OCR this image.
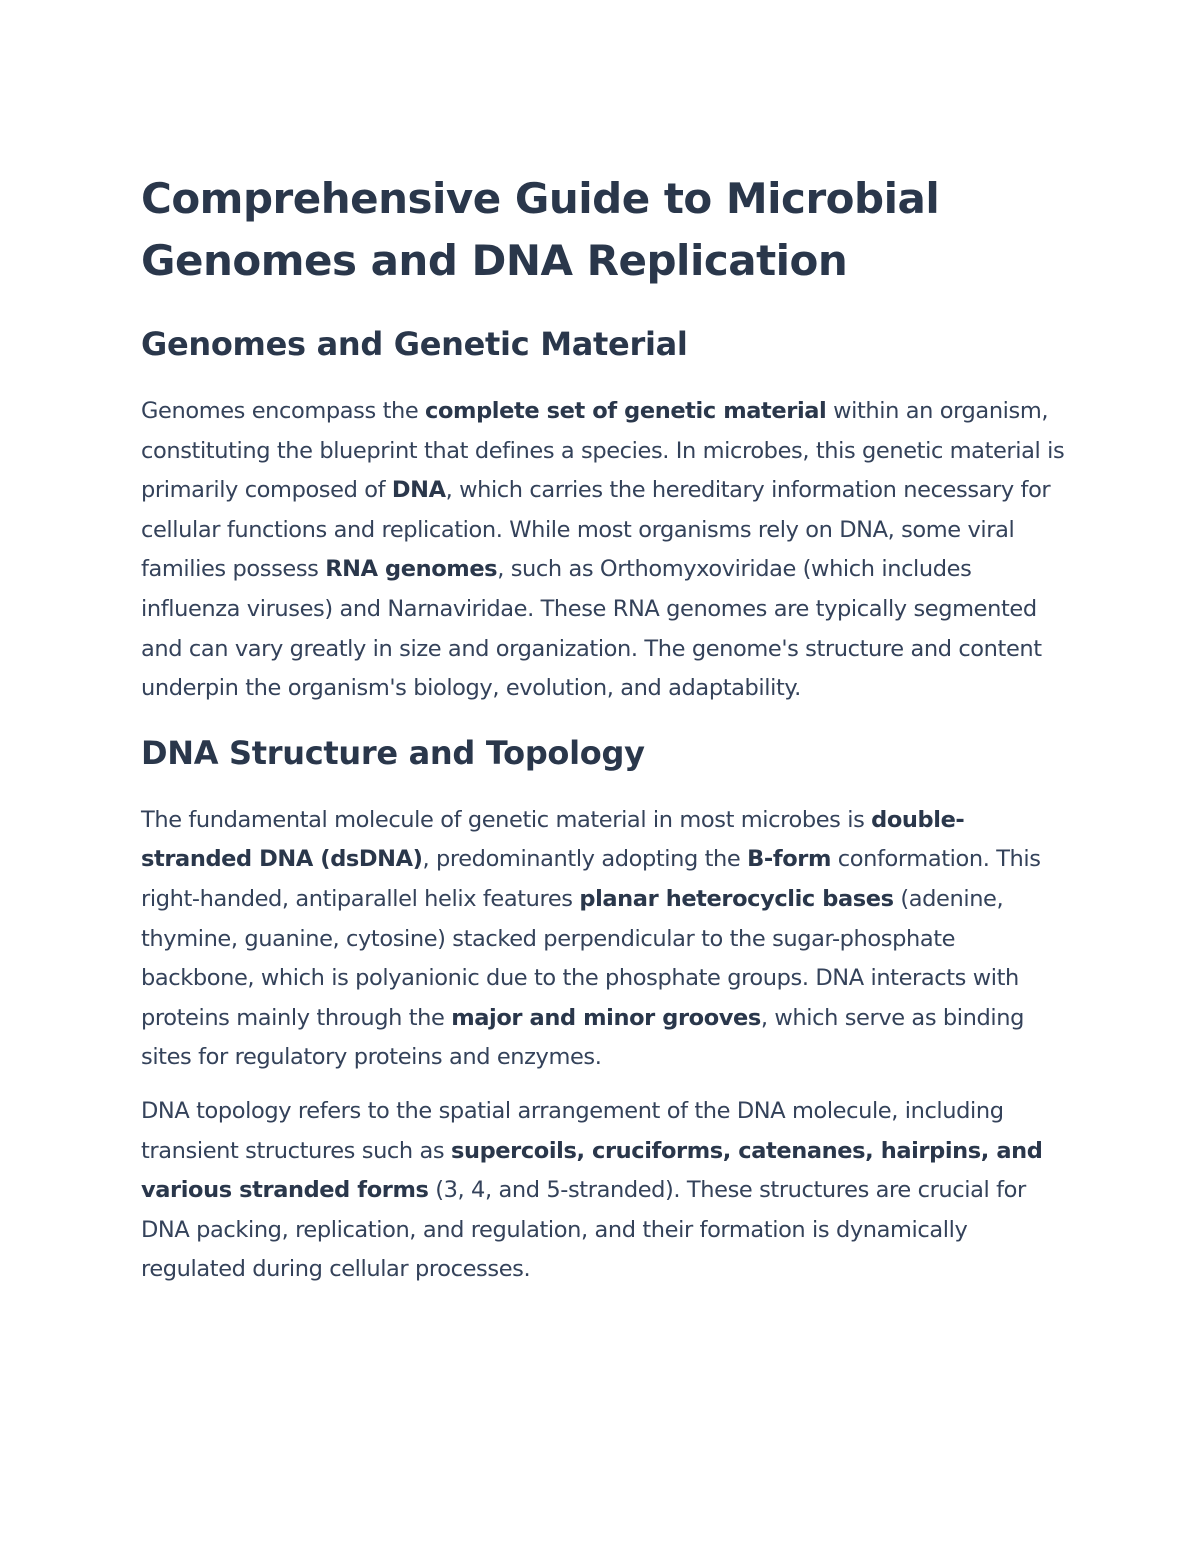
Comprehensive Guide to Microbial Genomes and DNA Replication
Genomes and Genetic Material

Genomes encompass the complete set of genetic material within an organism, constituting the blueprint that defines a species. In microbes, this genetic material is primarily composed of DNA, which carries the hereditary information necessary for cellular functions and replication. While most organisms rely on DNA, some viral families possess RNA genomes, such as Orthomyxoviridae (which includes influenza viruses) and Narnaviridae. These RNA genomes are typically segmented and can vary greatly in size and organization. The genome's structure and content underpin the organism's biology, evolution, and adaptability.

DNA Structure and Topology

The fundamental molecule of genetic material in most microbes is double-stranded DNA (dsDNA), predominantly adopting the B-form conformation. This right-handed, antiparallel helix features planar heterocyclic bases (adenine, thymine, guanine, cytosine) stacked perpendicular to the sugar-phosphate backbone, which is polyanionic due to the phosphate groups. DNA interacts with proteins mainly through the major and minor grooves, which serve as binding sites for regulatory proteins and enzymes.

DNA topology refers to the spatial arrangement of the DNA molecule, including transient structures such as supercoils, cruciforms, catenanes, hairpins, and various stranded forms (3, 4, and 5-stranded). These structures are crucial for DNA packing, replication, and regulation, and their formation is dynamically regulated during cellular processes.
